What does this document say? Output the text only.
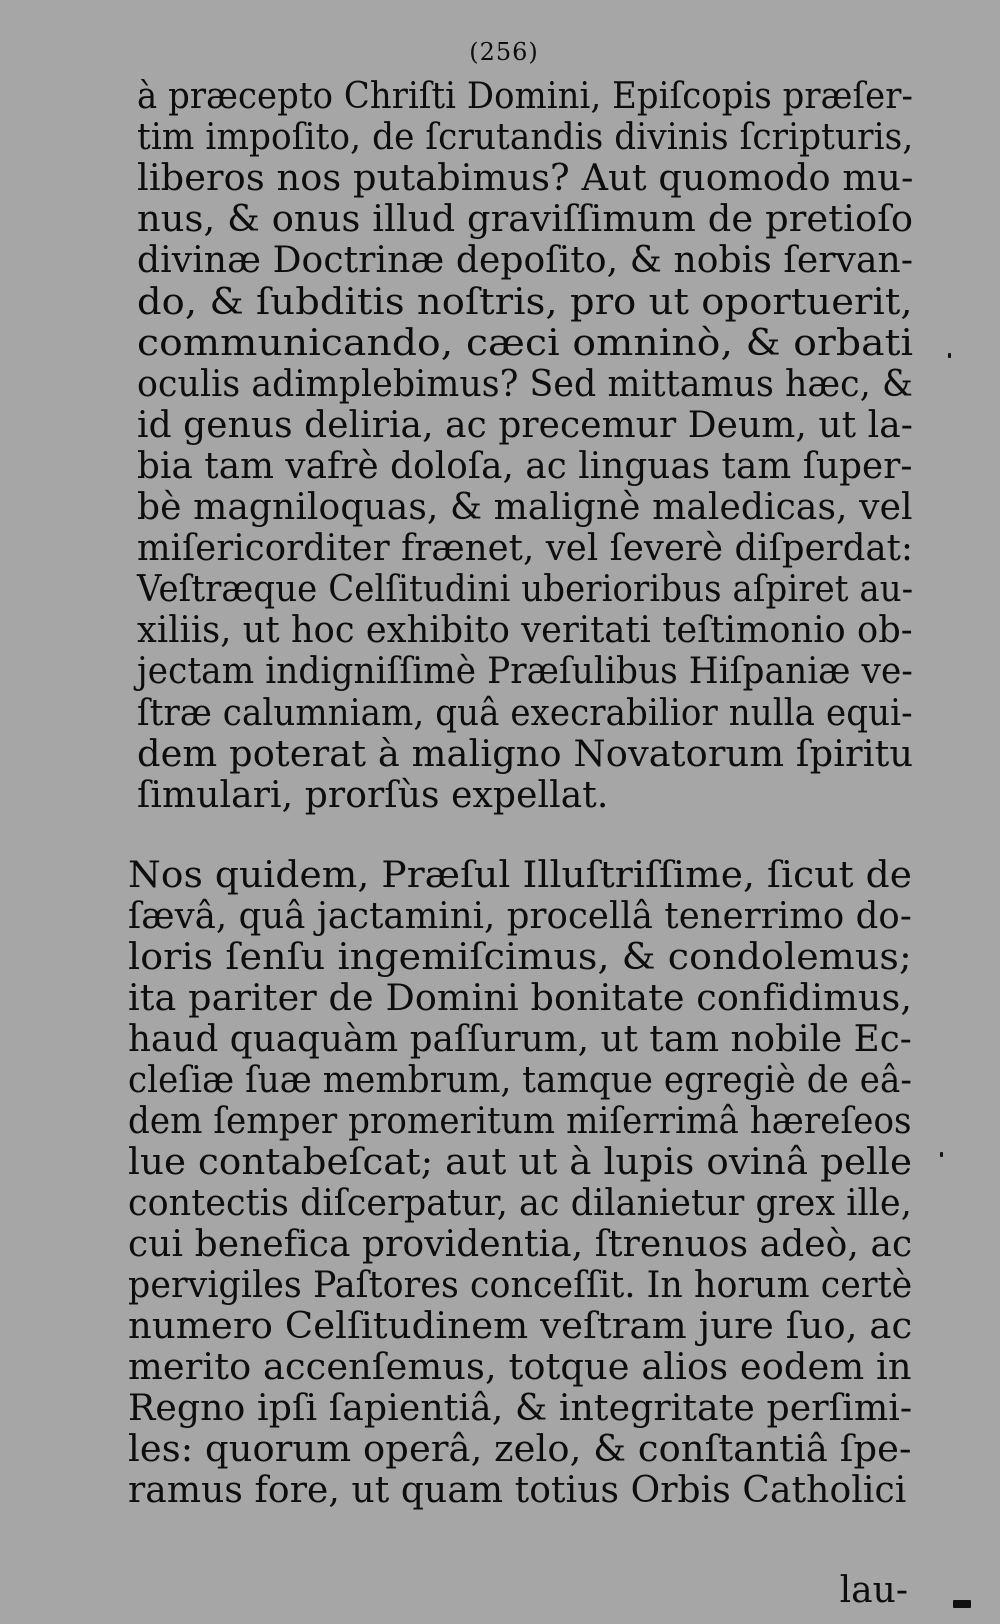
(256)
à præcepto Chriſti Domini, Epiſcopis præſer-
tim impoſito, de ſcrutandis divinis ſcripturis,
liberos nos putabimus? Aut quomodo mu-
nus, & onus illud graviſſimum de pretioſo
divinæ Doctrinæ depoſito, & nobis ſervan-
do, & ſubditis noſtris, pro ut oportuerit,
communicando, cæci omninò, & orbati
oculis adimplebimus? Sed mittamus hæc, &
id genus deliria, ac precemur Deum, ut la-
bia tam vafrè doloſa, ac linguas tam ſuper-
bè magniloquas, & malignè maledicas, vel
miſericorditer frænet, vel ſeverè diſperdat:
Veſtræque Celſitudini uberioribus aſpiret au-
xiliis, ut hoc exhibito veritati teſtimonio ob-
jectam indigniſſimè Præſulibus Hiſpaniæ ve-
ſtræ calumniam, quâ execrabilior nulla equi-
dem poterat à maligno Novatorum ſpiritu
ſimulari, prorſùs expellat.
Nos quidem, Præſul Illuſtriſſime, ſicut de
ſævâ, quâ jactamini, procellâ tenerrimo do-
loris ſenſu ingemiſcimus, & condolemus;
ita pariter de Domini bonitate confidimus,
haud quaquàm paſſurum, ut tam nobile Ec-
cleſiæ ſuæ membrum, tamque egregiè de eâ-
dem ſemper promeritum miſerrimâ hæreſeos
lue contabeſcat; aut ut à lupis ovinâ pelle
contectis diſcerpatur, ac dilanietur grex ille,
cui benefica providentia, ſtrenuos adeò, ac
pervigiles Paſtores conceſſit. In horum certè
numero Celſitudinem veſtram jure ſuo, ac
merito accenſemus, totque alios eodem in
Regno ipſi ſapientiâ, & integritate perſimi-
les: quorum operâ, zelo, & conſtantiâ ſpe-
ramus fore, ut quam totius Orbis Catholici
lau-
